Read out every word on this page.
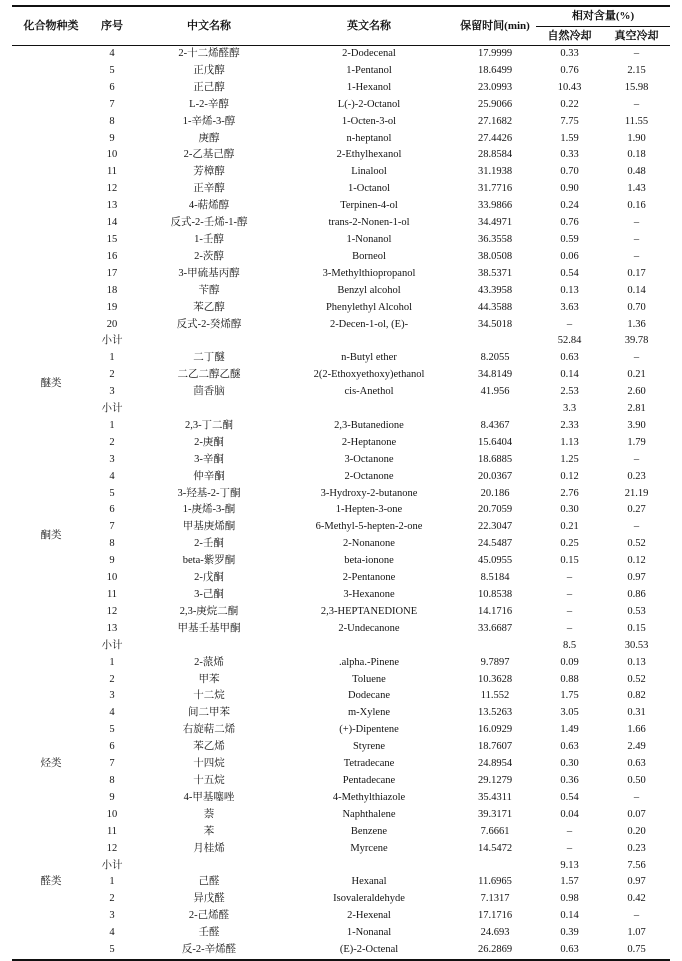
化合物种类	序号	中文名称	英文名称	保留时间(min)	相对含量(%)	
					自然冷却	真空冷却
	4	2-十二烯醛醇	2-Dodecenal	17.9999	0.33	–
	5	正戊醇	1-Pentanol	18.6499	0.76	2.15
	6	正己醇	1-Hexanol	23.0993	10.43	15.98
	7	L-2-辛醇	L(-)-2-Octanol	25.9066	0.22	–
	8	1-辛烯-3-醇	1-Octen-3-ol	27.1682	7.75	11.55
	9	庚醇	n-heptanol	27.4426	1.59	1.90
	10	2-乙基己醇	2-Ethylhexanol	28.8584	0.33	0.18
	11	芳樟醇	Linalool	31.1938	0.70	0.48
	12	正辛醇	1-Octanol	31.7716	0.90	1.43
	13	4-萜烯醇	Terpinen-4-ol	33.9866	0.24	0.16
	14	反式-2-壬烯-1-醇	trans-2-Nonen-1-ol	34.4971	0.76	–
	15	1-壬醇	1-Nonanol	36.3558	0.59	–
	16	2-茨醇	Borneol	38.0508	0.06	–
	17	3-甲硫基丙醇	3-Methylthiopropanol	38.5371	0.54	0.17
	18	苄醇	Benzyl alcohol	43.3958	0.13	0.14
	19	苯乙醇	Phenylethyl Alcohol	44.3588	3.63	0.70
	20	反式-2-癸烯醇	2-Decen-1-ol, (E)-	34.5018	–	1.36
	小计				52.84	39.78
醚类	1	二丁醚	n-Butyl ether	8.2055	0.63	–
	2	二乙二醇乙醚	2(2-Ethoxyethoxy)ethanol	34.8149	0.14	0.21
	3	茴香脑	cis-Anethol	41.956	2.53	2.60
	小计				3.3	2.81
酮类	1	2,3-丁二酮	2,3-Butanedione	8.4367	2.33	3.90
	2	2-庚酮	2-Heptanone	15.6404	1.13	1.79
	3	3-辛酮	3-Octanone	18.6885	1.25	–
	4	仲辛酮	2-Octanone	20.0367	0.12	0.23
	5	3-羟基-2-丁酮	3-Hydroxy-2-butanone	20.186	2.76	21.19
	6	1-庚烯-3-酮	1-Hepten-3-one	20.7059	0.30	0.27
	7	甲基庚烯酮	6-Methyl-5-hepten-2-one	22.3047	0.21	–
	8	2-壬酮	2-Nonanone	24.5487	0.25	0.52
	9	beta-紫罗酮	beta-ionone	45.0955	0.15	0.12
	10	2-戊酮	2-Pentanone	8.5184	–	0.97
	11	3-己酮	3-Hexanone	10.8538	–	0.86
	12	2,3-庚烷二酮	2,3-HEPTANEDIONE	14.1716	–	0.53
	13	甲基壬基甲酮	2-Undecanone	33.6687	–	0.15
	小计				8.5	30.53
烃类	1	2-蒎烯	.alpha.-Pinene	9.7897	0.09	0.13
	2	甲苯	Toluene	10.3628	0.88	0.52
	3	十二烷	Dodecane	11.552	1.75	0.82
	4	间二甲苯	m-Xylene	13.5263	3.05	0.31
	5	右旋萜二烯	(+)-Dipentene	16.0929	1.49	1.66
	6	苯乙烯	Styrene	18.7607	0.63	2.49
	7	十四烷	Tetradecane	24.8954	0.30	0.63
	8	十五烷	Pentadecane	29.1279	0.36	0.50
	9	4-甲基噻唑	4-Methylthiazole	35.4311	0.54	–
	10	萘	Naphthalene	39.3171	0.04	0.07
	11	苯	Benzene	7.6661	–	0.20
	12	月桂烯	Myrcene	14.5472	–	0.23
	小计				9.13	7.56
醛类	1	己醛	Hexanal	11.6965	1.57	0.97
	2	异戊醛	Isovaleraldehyde	7.1317	0.98	0.42
	3	2-己烯醛	2-Hexenal	17.1716	0.14	–
	4	壬醛	1-Nonanal	24.693	0.39	1.07
	5	反-2-辛烯醛	(E)-2-Octenal	26.2869	0.63	0.75
